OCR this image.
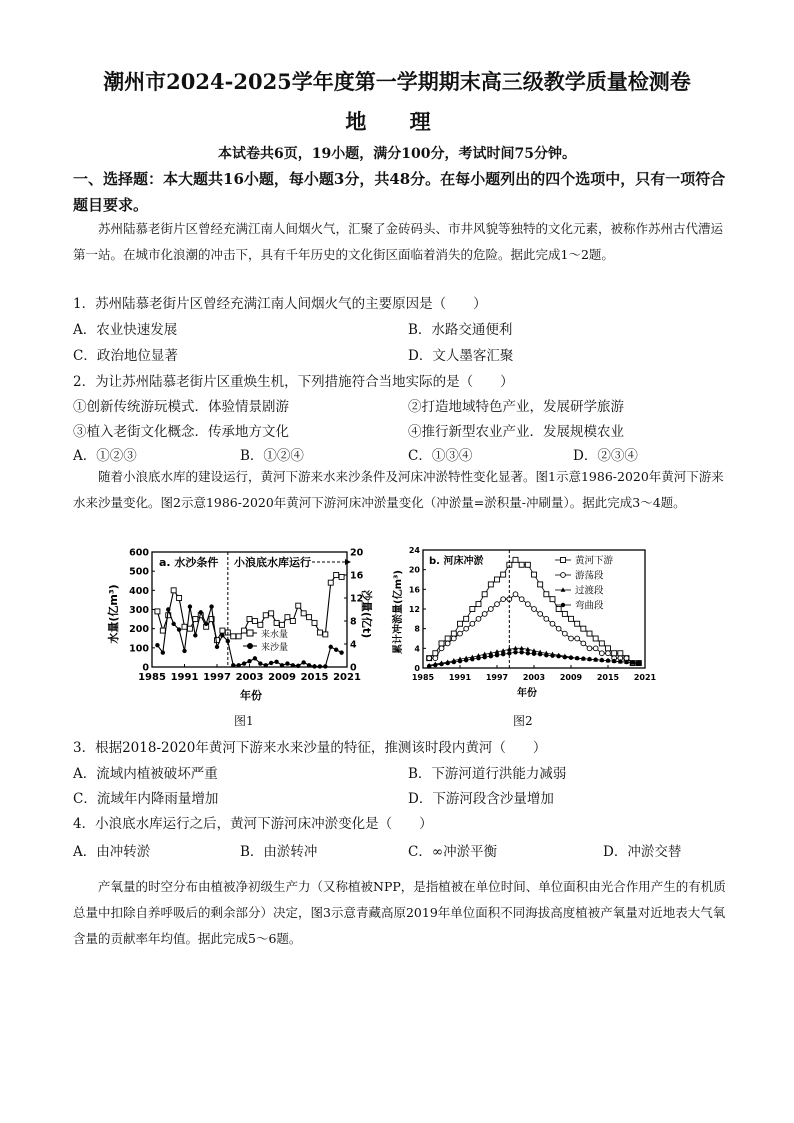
潮州市2024-2025学年度第一学期期末高三级教学质量检测卷
地 理
本试卷共6页，19小题，满分100分，考试时间75分钟。
一、选择题：本大题共16小题，每小题3分，共48分。在每小题列出的四个选项中，只有一项符合题目要求。
苏州陆慕老街片区曾经充满江南人间烟火气，汇聚了金砖码头、市井风貌等独特的文化元素，被称作苏州古代漕运第一站。在城市化浪潮的冲击下，具有千年历史的文化街区面临着消失的危险。据此完成1～2题。
1．苏州陆慕老街片区曾经充满江南人间烟火气的主要原因是（　　）
A．农业快速发展	B．水路交通便利
C．政治地位显著	D．文人墨客汇聚
2．为让苏州陆慕老街片区重焕生机，下列措施符合当地实际的是（　　）
①创新传统游玩模式．体验情景剧游	②打造地域特色产业，发展研学旅游
③植入老街文化概念．传承地方文化	④推行新型农业产业．发展规模农业
A．①②③	B．①②④	C．①③④	D．②③④
随着小浪底水库的建设运行，黄河下游来水来沙条件及河床冲淤特性变化显著。图1示意1986-2020年黄河下游来水来沙量变化。图2示意1986-2020年黄河下游河床冲淤量变化（冲淤量=淤积量-冲刷量）。据此完成3～4题。
1985 1991 1997 2003 2009 2015 2021
0
100
200
300
400
500
600
0
4
8
12
16
20
a. 水沙条件 小浪底水库运行
水量(亿m³)	沙量(亿t)
年份
来水量
来沙量
图1
1985 1991 1997 2003 2009 2015 2021
0
4
8
12
16
20
24
b. 河床冲淤
累计冲淤量(亿m³)
年份
黄河下游
游荡段
过渡段
弯曲段
图2
3．根据2018-2020年黄河下游来水来沙量的特征，推测该时段内黄河（　　）
A．流域内植被破坏严重	B．下游河道行洪能力减弱
C．流域年内降雨量增加	D．下游河段含沙量增加
4．小浪底水库运行之后，黄河下游河床冲淤变化是（　　）
A．由冲转淤	B．由淤转冲	C．∞冲淤平衡	D．冲淤交替
产氧量的时空分布由植被净初级生产力（又称植被NPP，是指植被在单位时间、单位面积由光合作用产生的有机质总量中扣除自养呼吸后的剩余部分）决定，图3示意青藏高原2019年单位面积不同海拔高度植被产氧量对近地表大气氧含量的贡献率年均值。据此完成5～6题。
